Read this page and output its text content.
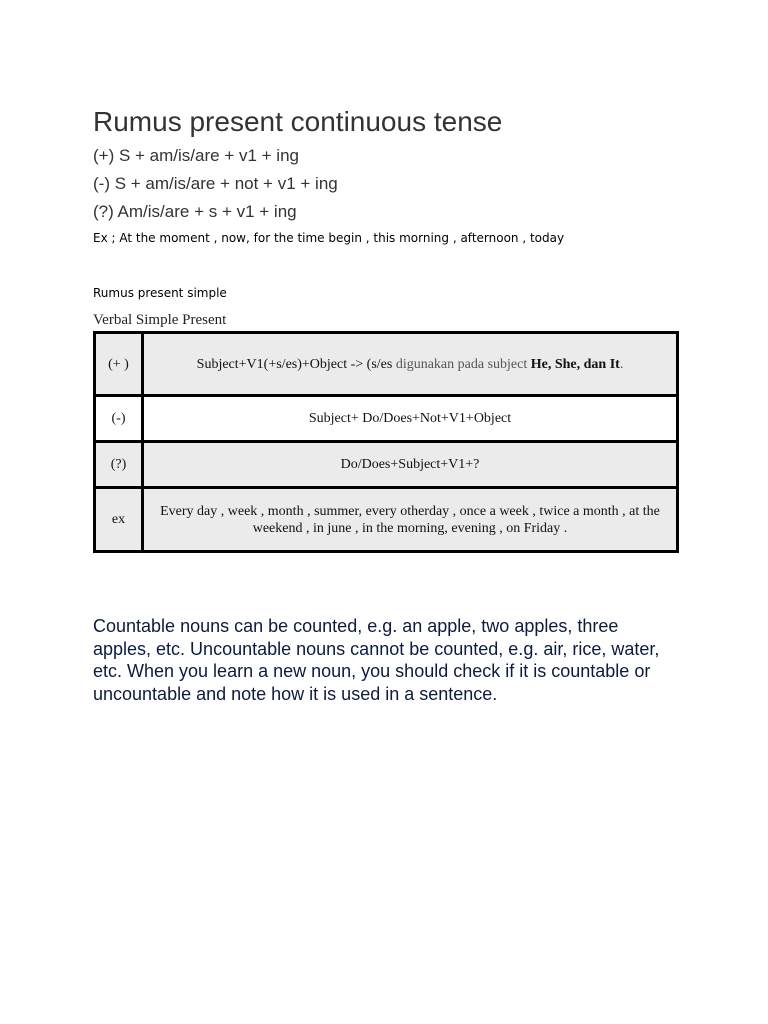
Rumus present continuous tense
(+) S + am/is/are + v1 + ing
(-) S + am/is/are + not + v1 + ing
(?) Am/is/are + s + v1 + ing
Ex ; At the moment , now, for the time begin , this morning , afternoon , today
Rumus present simple
Verbal Simple Present
(+ )	Subject+V1(+s/es)+Object -> (s/es digunakan pada subject He, She, dan It.
(-)	Subject+ Do/Does+Not+V1+Object
(?)	Do/Does+Subject+V1+?
ex	Every day , week , month , summer, every otherday , once a week , twice a month , at the weekend , in june , in the morning, evening , on Friday .
Countable nouns can be counted, e.g. an apple, two apples, three apples, etc. Uncountable nouns cannot be counted, e.g. air, rice, water, etc. When you learn a new noun, you should check if it is countable or uncountable and note how it is used in a sentence.
